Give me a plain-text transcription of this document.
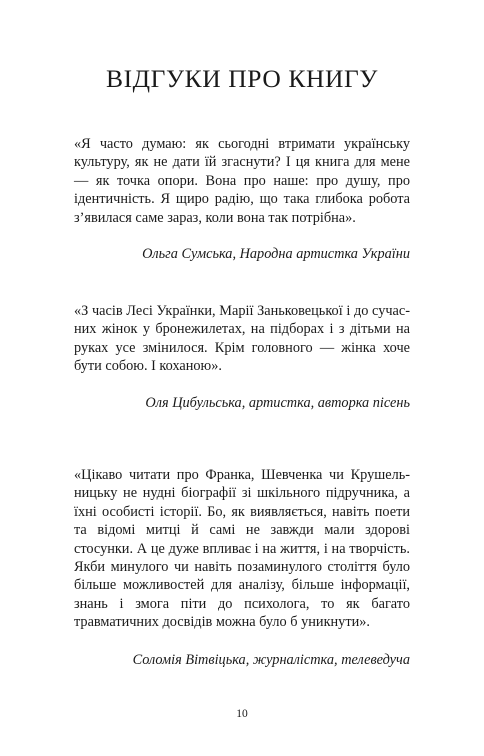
ВІДГУКИ ПРО КНИГУ

«Я часто думаю: як сьогодні втримати українську культуру, як не дати їй згаснути? І ця книга для мене — як точка опори. Вона про наше: про душу, про ідентичність. Я щиро радію, що така глибока робота з’явилася саме зараз, коли вона так потрібна».

Ольга Сумська, Народна артистка України

«З часів Лесі Українки, Марії Заньковецької і до сучасних жінок у бронежилетах, на підборах і з дітьми на руках усе змінилося. Крім головного — жінка хоче бути собою. І коханою».

Оля Цибульська, артистка, авторка пісень

«Цікаво читати про Франка, Шевченка чи Крушельницьку не нудні біографії зі шкільного підручника, а їхні особисті історії. Бо, як виявляється, навіть поети та відомі митці й самі не завжди мали здорові стосунки. А це дуже впливає і на життя, і на творчість. Якби минулого чи навіть позаминулого століття було більше можливостей для аналізу, більше інформації, знань і змога піти до психолога, то як багато травматичних досвідів можна було б уникнути».

Соломія Вітвіцька, журналістка, телеведуча

10
